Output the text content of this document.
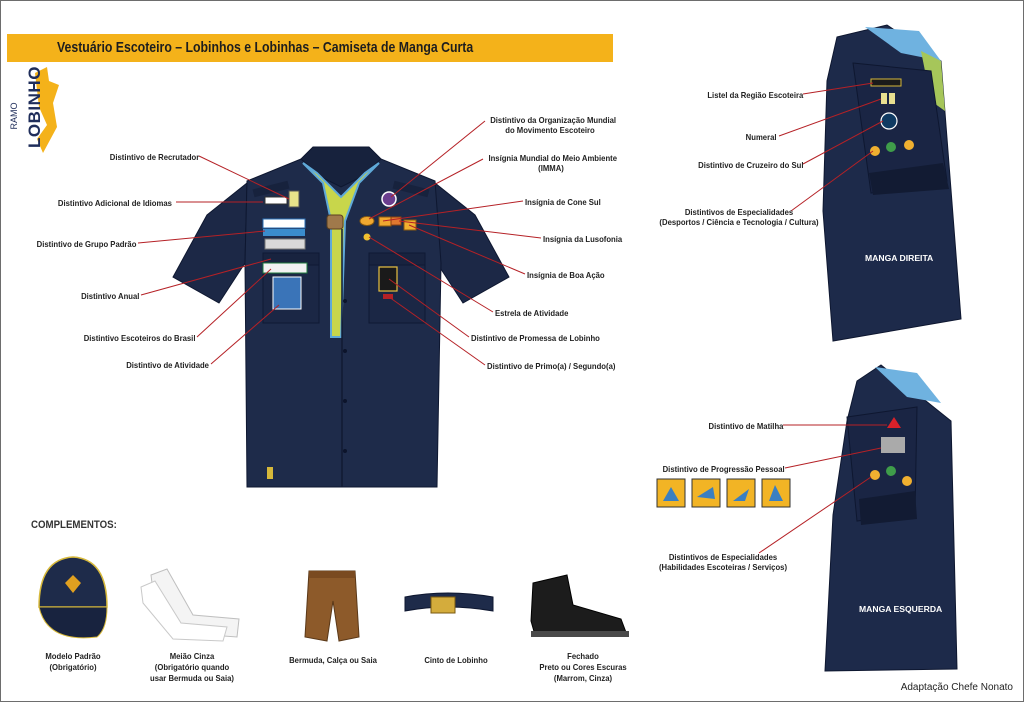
Vestuário Escoteiro – Lobinhos e Lobinhas – Camiseta de Manga Curta
RAMO LOBINHO
Distintivo de Recrutador
Distintivo Adicional de Idiomas
Distintivo de Grupo Padrão
Distintivo Anual
Distintivo Escoteiros do Brasil
Distintivo de Atividade
Distintivo da Organização Mundial
do Movimento Escoteiro
Insígnia Mundial do Meio Ambiente
(IMMA)
Insígnia de Cone Sul
Insígnia da Lusofonia
Insígnia de Boa Ação
Estrela de Atividade
Distintivo de Promessa de Lobinho
Distintivo de Primo(a) / Segundo(a)
Listel da Região Escoteira
Numeral
Distintivo de Cruzeiro do Sul
Distintivos de Especialidades
(Desportos / Ciência e Tecnologia / Cultura)
MANGA DIREITA
Distintivo de Matilha
Distintivo de Progressão Pessoal
Distintivos de Especialidades
(Habilidades Escoteiras / Serviços)
MANGA ESQUERDA
COMPLEMENTOS:
Modelo Padrão
(Obrigatório)
Meião Cinza
(Obrigatório quando
usar Bermuda ou Saia)
Bermuda, Calça ou Saia	Cinto de Lobinho	Fechado
Preto ou Cores Escuras
(Marrom, Cinza)
Adaptação Chefe Nonato
